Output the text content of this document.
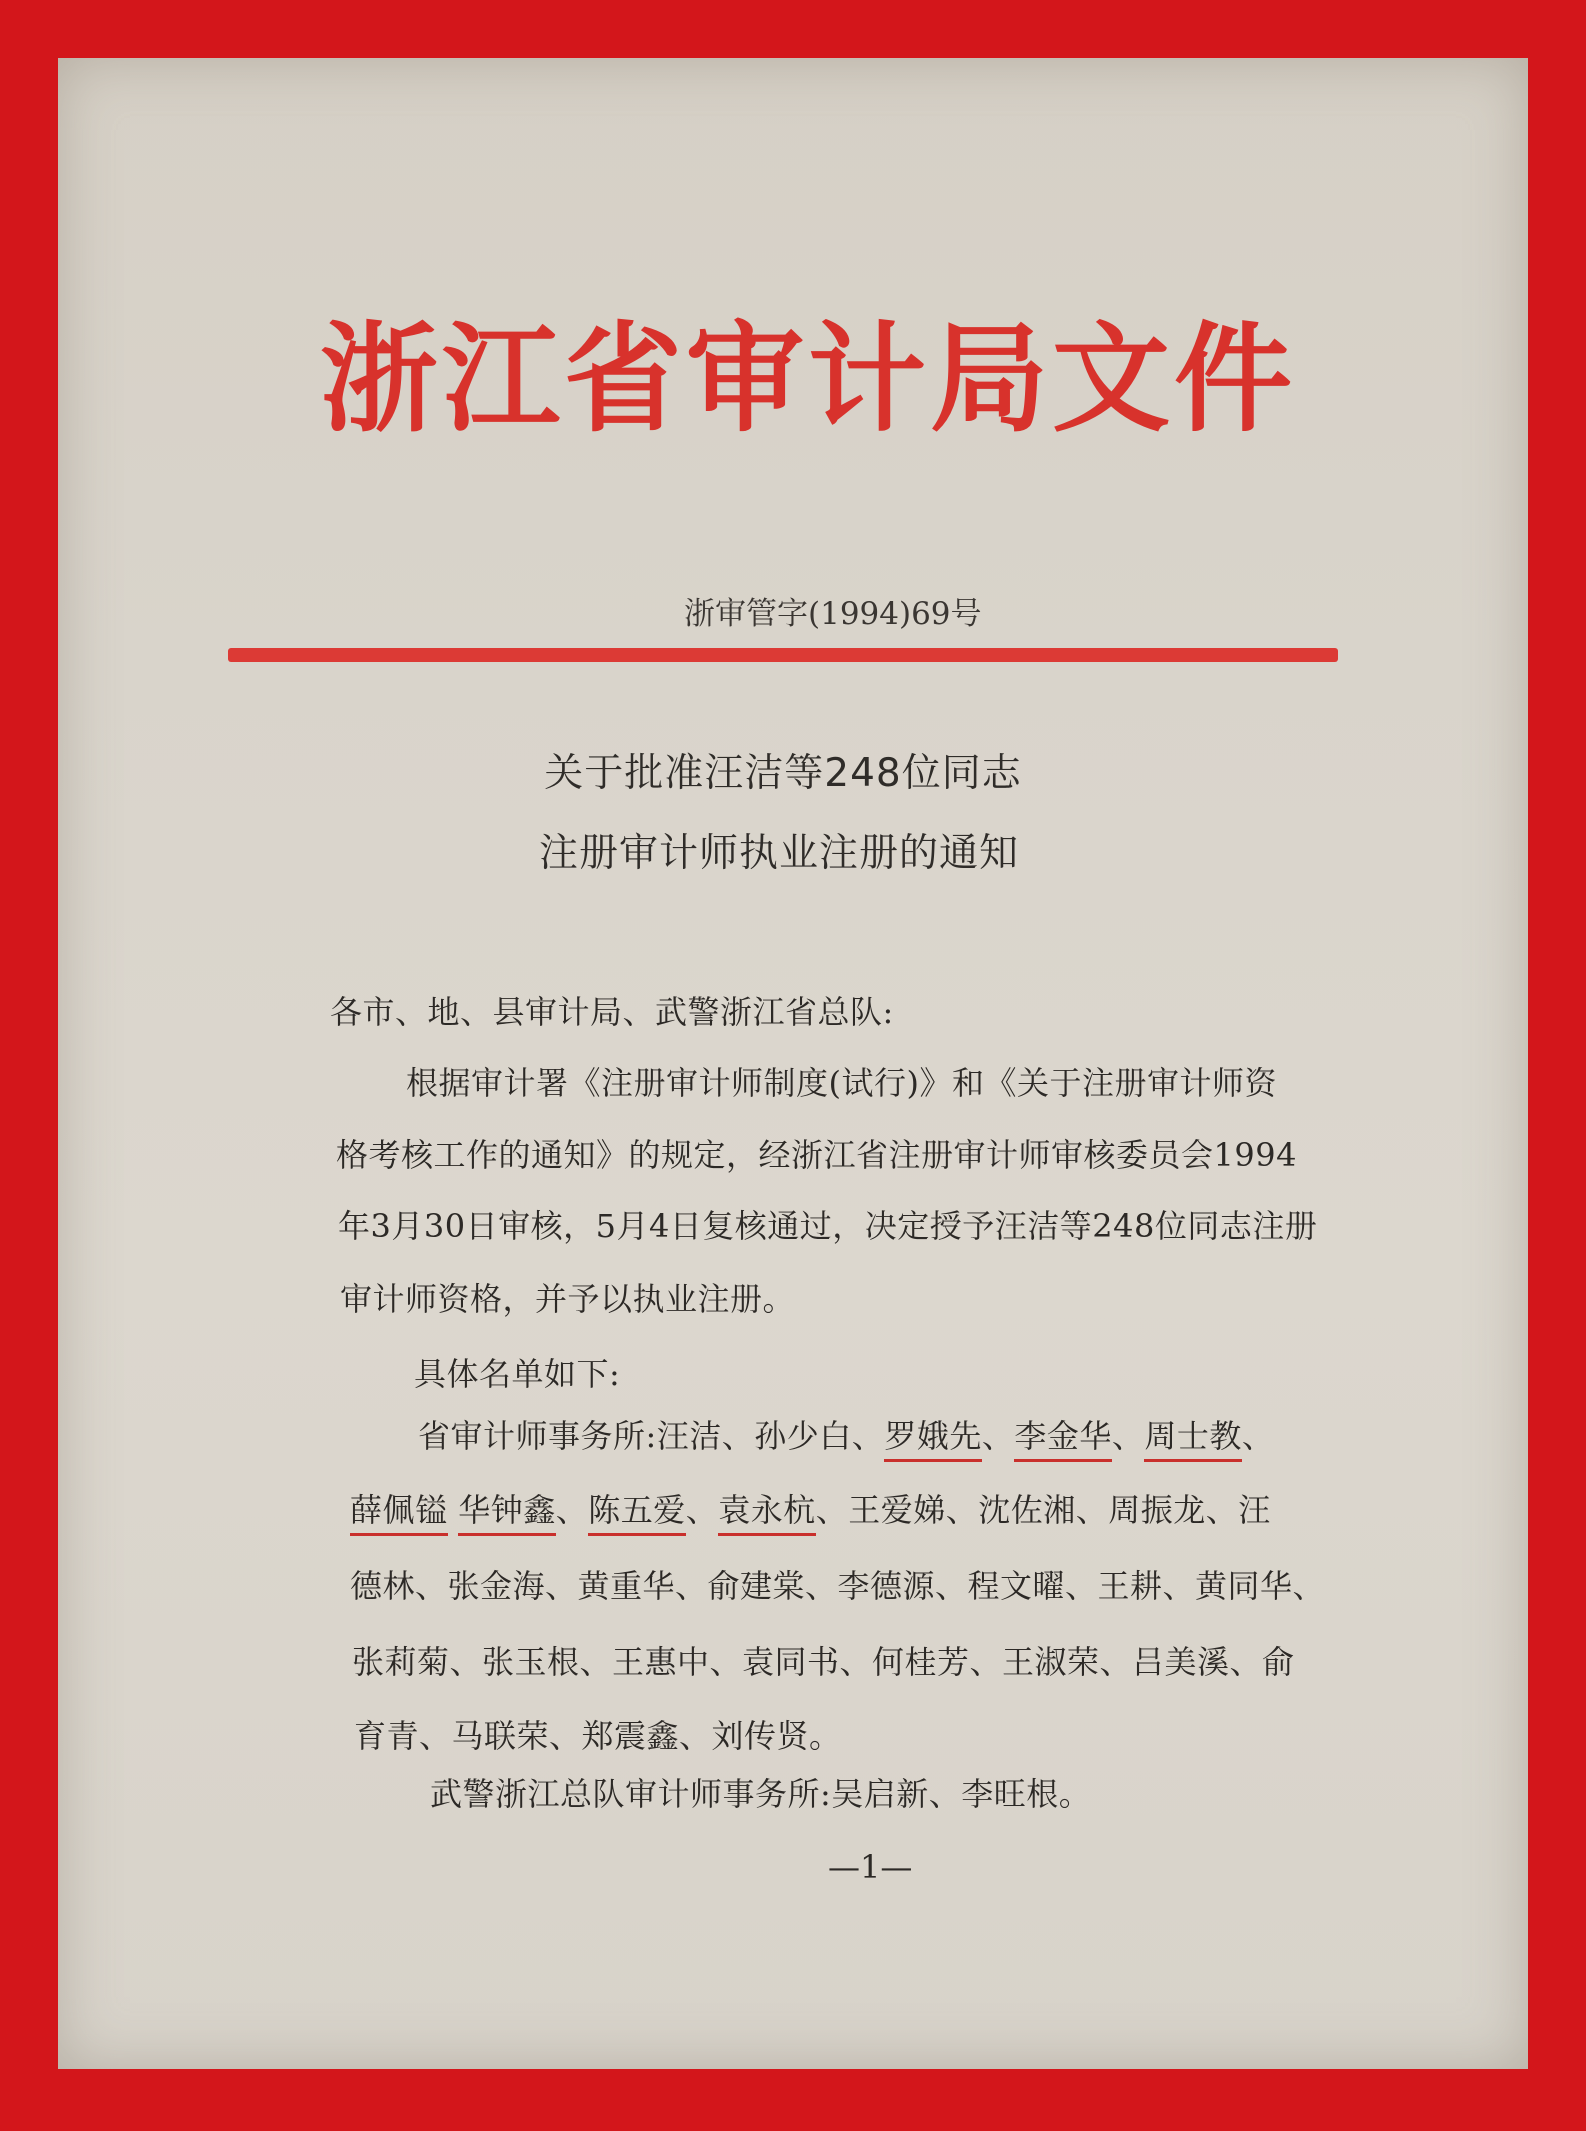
浙江省审计局文件
浙审管字(1994)69号
关于批准汪洁等248位同志
注册审计师执业注册的通知
各市、地、县审计局、武警浙江省总队:
根据审计署《注册审计师制度(试行)》和《关于注册审计师资
格考核工作的通知》的规定，经浙江省注册审计师审核委员会1994
年3月30日审核，5月4日复核通过，决定授予汪洁等248位同志注册
审计师资格，并予以执业注册。
具体名单如下:
省审计师事务所:汪洁、孙少白、罗娥先、李金华、周士教、
薛佩镒 华钟鑫、陈五爱、袁永杭、王爱娣、沈佐湘、周振龙、汪
德林、张金海、黄重华、俞建棠、李德源、程文曜、王耕、黄同华、
张莉菊、张玉根、王惠中、袁同书、何桂芳、王淑荣、吕美溪、俞
育青、马联荣、郑震鑫、刘传贤。
武警浙江总队审计师事务所:吴启新、李旺根。
—1—
